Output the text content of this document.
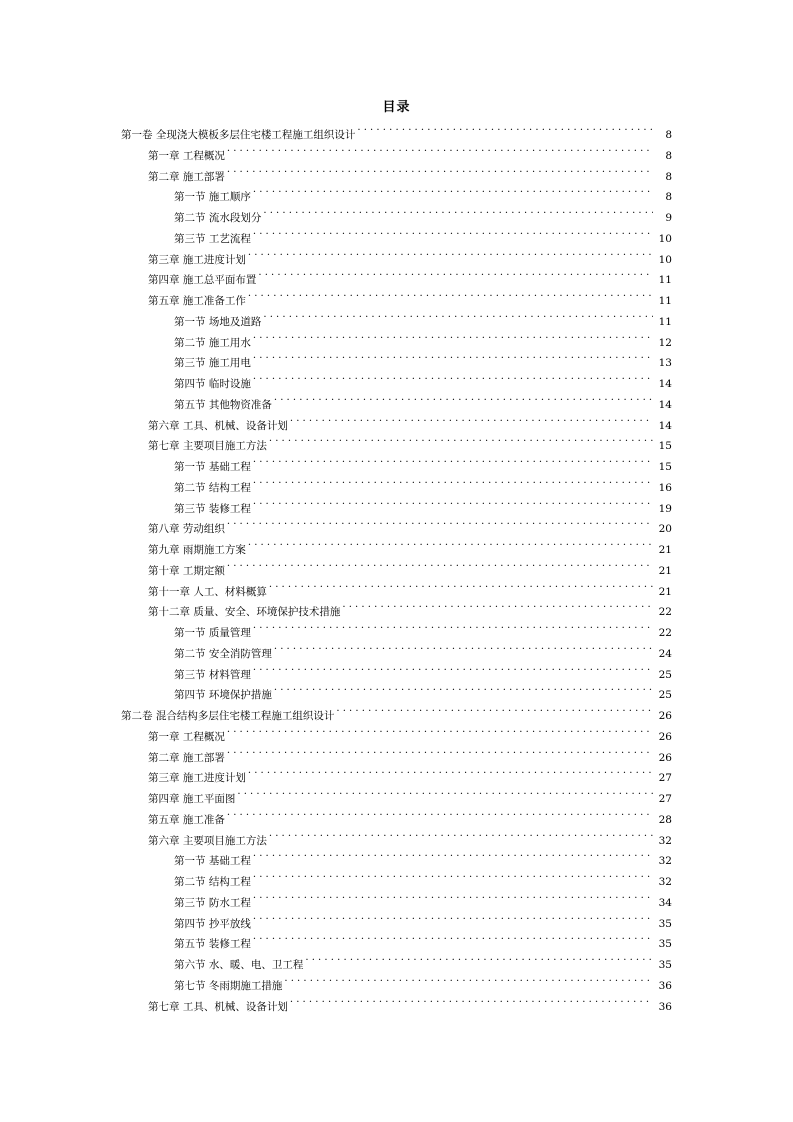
目录
第一卷 全现浇大模板多层住宅楼工程施工组织设计 . . .	8
第一章 工程概况 . . .	8
第二章 施工部署 . . .	8
第一节 施工顺序 . . .	8
第二节 流水段划分 . . .	9
第三节 工艺流程 . . .	10
第三章 施工进度计划 . . .	10
第四章 施工总平面布置 . . .	11
第五章 施工准备工作 . . .	11
第一节 场地及道路 . . .	11
第二节 施工用水 . . .	12
第三节 施工用电 . . .	13
第四节 临时设施 . . .	14
第五节 其他物资准备 . . .	14
第六章 工具、机械、设备计划 . . .	14
第七章 主要项目施工方法 . . .	15
第一节 基础工程 . . .	15
第二节 结构工程 . . .	16
第三节 装修工程 . . .	19
第八章 劳动组织 . . .	20
第九章 雨期施工方案 . . .	21
第十章 工期定额 . . .	21
第十一章 人工、材料概算 . . .	21
第十二章 质量、安全、环境保护技术措施 . . .	22
第一节 质量管理 . . .	22
第二节 安全消防管理 . . .	24
第三节 材料管理 . . .	25
第四节 环境保护措施 . . .	25
第二卷 混合结构多层住宅楼工程施工组织设计 . . .	26
第一章 工程概况 . . .	26
第二章 施工部署 . . .	26
第三章 施工进度计划 . . .	27
第四章 施工平面图 . . .	27
第五章 施工准备 . . .	28
第六章 主要项目施工方法 . . .	32
第一节 基础工程 . . .	32
第二节 结构工程 . . .	32
第三节 防水工程 . . .	34
第四节 抄平放线 . . .	35
第五节 装修工程 . . .	35
第六节 水、暖、电、卫工程 . . .	35
第七节 冬雨期施工措施 . . .	36
第七章 工具、机械、设备计划 . . .	36
